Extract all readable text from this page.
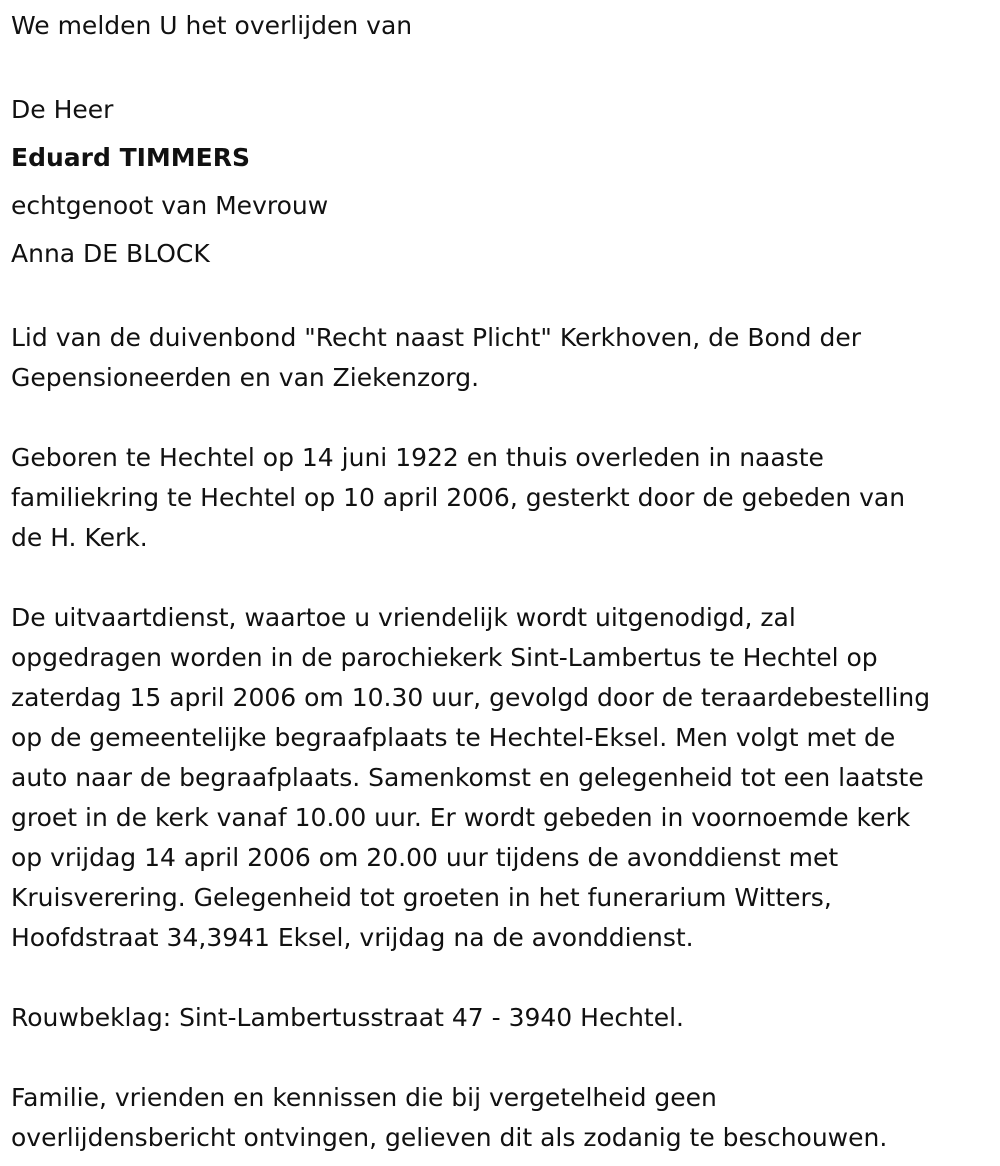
We melden U het overlijden van
De Heer
Eduard TIMMERS
echtgenoot van Mevrouw
Anna DE BLOCK
Lid van de duivenbond "Recht naast Plicht" Kerkhoven, de Bond der
Gepensioneerden en van Ziekenzorg.
Geboren te Hechtel op 14 juni 1922 en thuis overleden in naaste
familiekring te Hechtel op 10 april 2006, gesterkt door de gebeden van
de H. Kerk.
De uitvaartdienst, waartoe u vriendelijk wordt uitgenodigd, zal
opgedragen worden in de parochiekerk Sint-Lambertus te Hechtel op
zaterdag 15 april 2006 om 10.30 uur, gevolgd door de teraardebestelling
op de gemeentelijke begraafplaats te Hechtel-Eksel. Men volgt met de
auto naar de begraafplaats. Samenkomst en gelegenheid tot een laatste
groet in de kerk vanaf 10.00 uur. Er wordt gebeden in voornoemde kerk
op vrijdag 14 april 2006 om 20.00 uur tijdens de avonddienst met
Kruisverering. Gelegenheid tot groeten in het funerarium Witters,
Hoofdstraat 34,3941 Eksel, vrijdag na de avonddienst.
Rouwbeklag: Sint-Lambertusstraat 47 - 3940 Hechtel.
Familie, vrienden en kennissen die bij vergetelheid geen
overlijdensbericht ontvingen, gelieven dit als zodanig te beschouwen.
